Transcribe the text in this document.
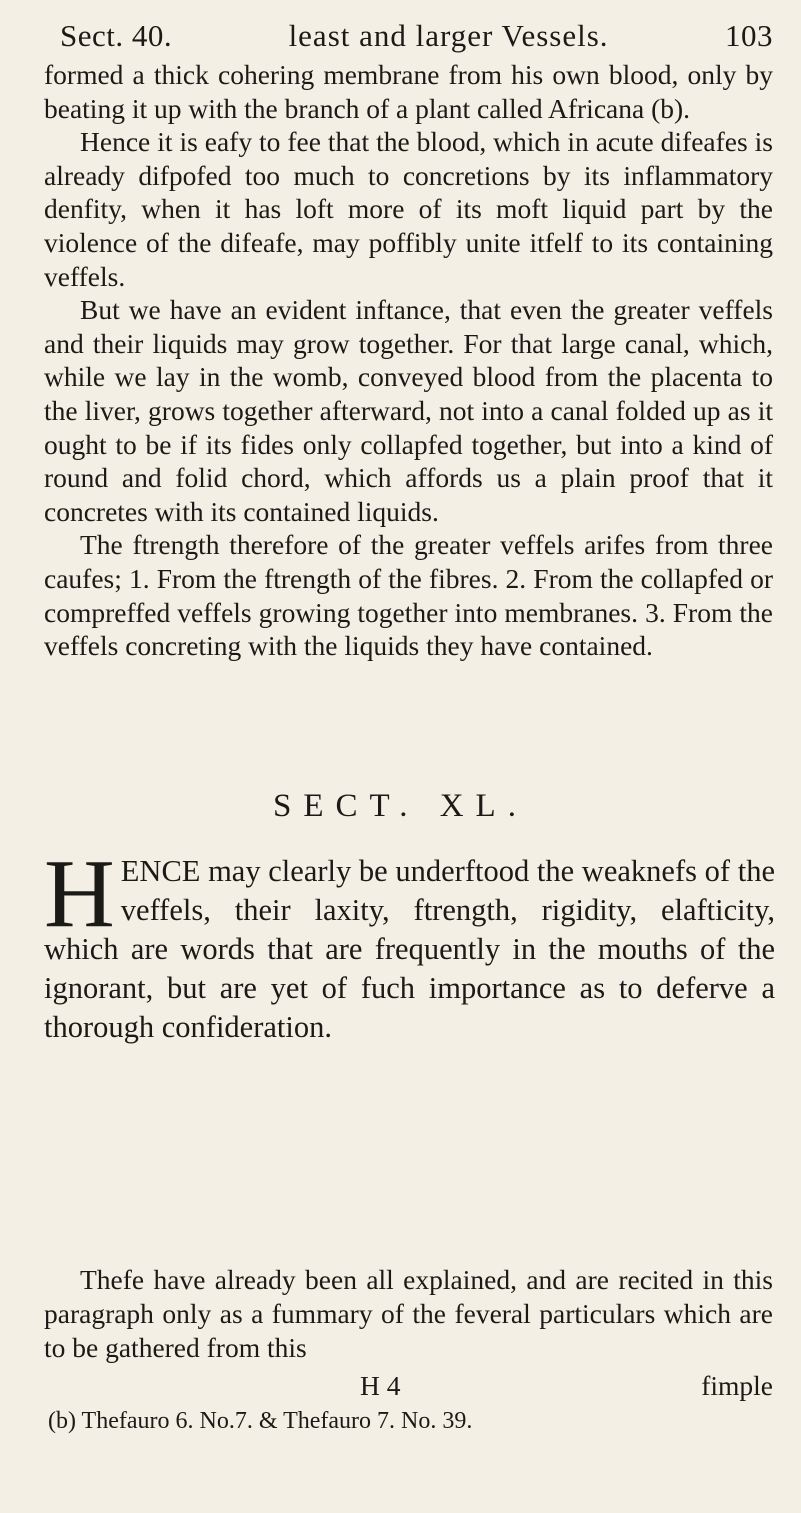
Sect. 40.	least and larger Vessels.	103

formed a thick cohering membrane from his own blood, only by beating it up with the branch of a plant called Africana (b).

Hence it is eafy to fee that the blood, which in acute difeafes is already difpofed too much to concretions by its inflammatory denfity, when it has loft more of its moft liquid part by the violence of the difeafe, may poffibly unite itfelf to its containing veffels.

But we have an evident inftance, that even the greater veffels and their liquids may grow together. For that large canal, which, while we lay in the womb, conveyed blood from the placenta to the liver, grows together afterward, not into a canal folded up as it ought to be if its fides only collapfed together, but into a kind of round and folid chord, which affords us a plain proof that it concretes with its contained liquids.

The ftrength therefore of the greater veffels arifes from three caufes; 1. From the ftrength of the fibres. 2. From the collapfed or compreffed veffels growing together into membranes. 3. From the veffels concreting with the liquids they have contained.

SECT. XL.
H ENCE may clearly be underftood the weaknefs of the veffels, their laxity, ftrength, rigidity, elafticity, which are words that are frequently in the mouths of the ignorant, but are yet of fuch importance as to deferve a thorough confideration.

Thefe have already been all explained, and are recited in this paragraph only as a fummary of the feveral particulars which are to be gathered from this

H 4	fimple
(b) Thefauro 6. No.7. & Thefauro 7. No. 39.
